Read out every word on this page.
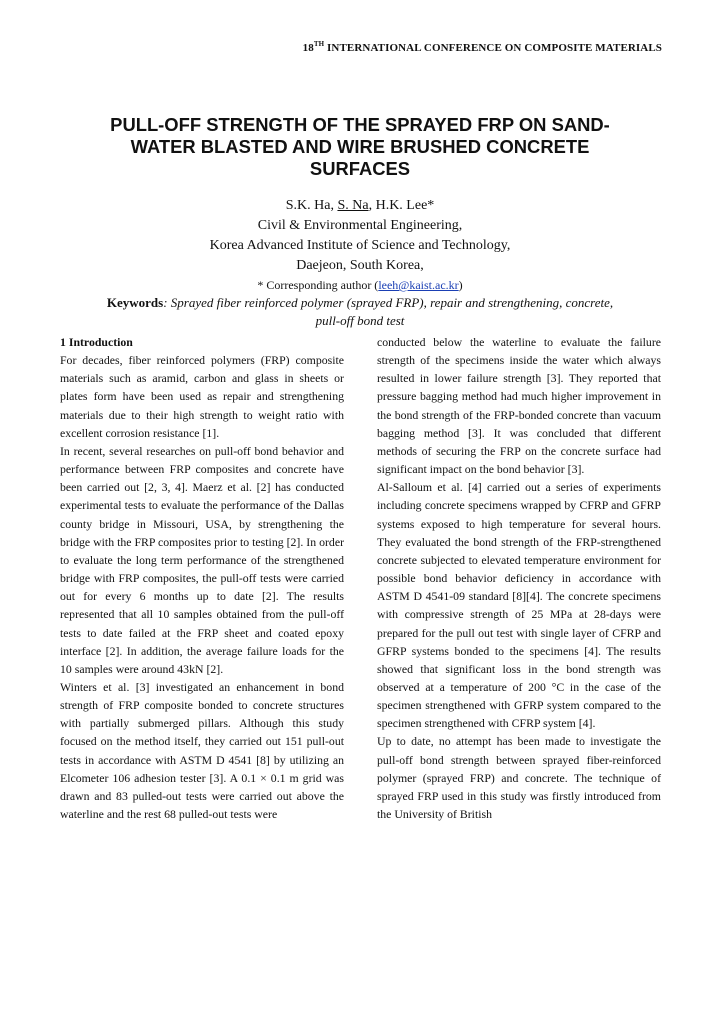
18TH INTERNATIONAL CONFERENCE ON COMPOSITE MATERIALS
PULL-OFF STRENGTH OF THE SPRAYED FRP ON SAND-WATER BLASTED AND WIRE BRUSHED CONCRETE SURFACES
S.K. Ha, S. Na, H.K. Lee*
Civil & Environmental Engineering,
Korea Advanced Institute of Science and Technology,
Daejeon, South Korea,
* Corresponding author (leeh@kaist.ac.kr)
Keywords: Sprayed fiber reinforced polymer (sprayed FRP), repair and strengthening, concrete, pull-off bond test

1 Introduction

For decades, fiber reinforced polymers (FRP) composite materials such as aramid, carbon and glass in sheets or plates form have been used as repair and strengthening materials due to their high strength to weight ratio with excellent corrosion resistance [1].

In recent, several researches on pull-off bond behavior and performance between FRP composites and concrete have been carried out [2, 3, 4]. Maerz et al. [2] has conducted experimental tests to evaluate the performance of the Dallas county bridge in Missouri, USA, by strengthening the bridge with the FRP composites prior to testing [2]. In order to evaluate the long term performance of the strengthened bridge with FRP composites, the pull-off tests were carried out for every 6 months up to date [2]. The results represented that all 10 samples obtained from the pull-off tests to date failed at the FRP sheet and coated epoxy interface [2]. In addition, the average failure loads for the 10 samples were around 43kN [2].

Winters et al. [3] investigated an enhancement in bond strength of FRP composite bonded to concrete structures with partially submerged pillars. Although this study focused on the method itself, they carried out 151 pull-out tests in accordance with ASTM D 4541 [8] by utilizing an Elcometer 106 adhesion tester [3]. A 0.1 × 0.1 m grid was drawn and 83 pulled-out tests were carried out above the waterline and the rest 68 pulled-out tests were

conducted below the waterline to evaluate the failure strength of the specimens inside the water which always resulted in lower failure strength [3]. They reported that pressure bagging method had much higher improvement in the bond strength of the FRP-bonded concrete than vacuum bagging method [3]. It was concluded that different methods of securing the FRP on the concrete surface had significant impact on the bond behavior [3].

Al-Salloum et al. [4] carried out a series of experiments including concrete specimens wrapped by CFRP and GFRP systems exposed to high temperature for several hours. They evaluated the bond strength of the FRP-strengthened concrete subjected to elevated temperature environment for possible bond behavior deficiency in accordance with ASTM D 4541-09 standard [8][4]. The concrete specimens with compressive strength of 25 MPa at 28-days were prepared for the pull out test with single layer of CFRP and GFRP systems bonded to the specimens [4]. The results showed that significant loss in the bond strength was observed at a temperature of 200 °C in the case of the specimen strengthened with GFRP system compared to the specimen strengthened with CFRP system [4].

Up to date, no attempt has been made to investigate the pull-off bond strength between sprayed fiber-reinforced polymer (sprayed FRP) and concrete. The technique of sprayed FRP used in this study was firstly introduced from the University of British
